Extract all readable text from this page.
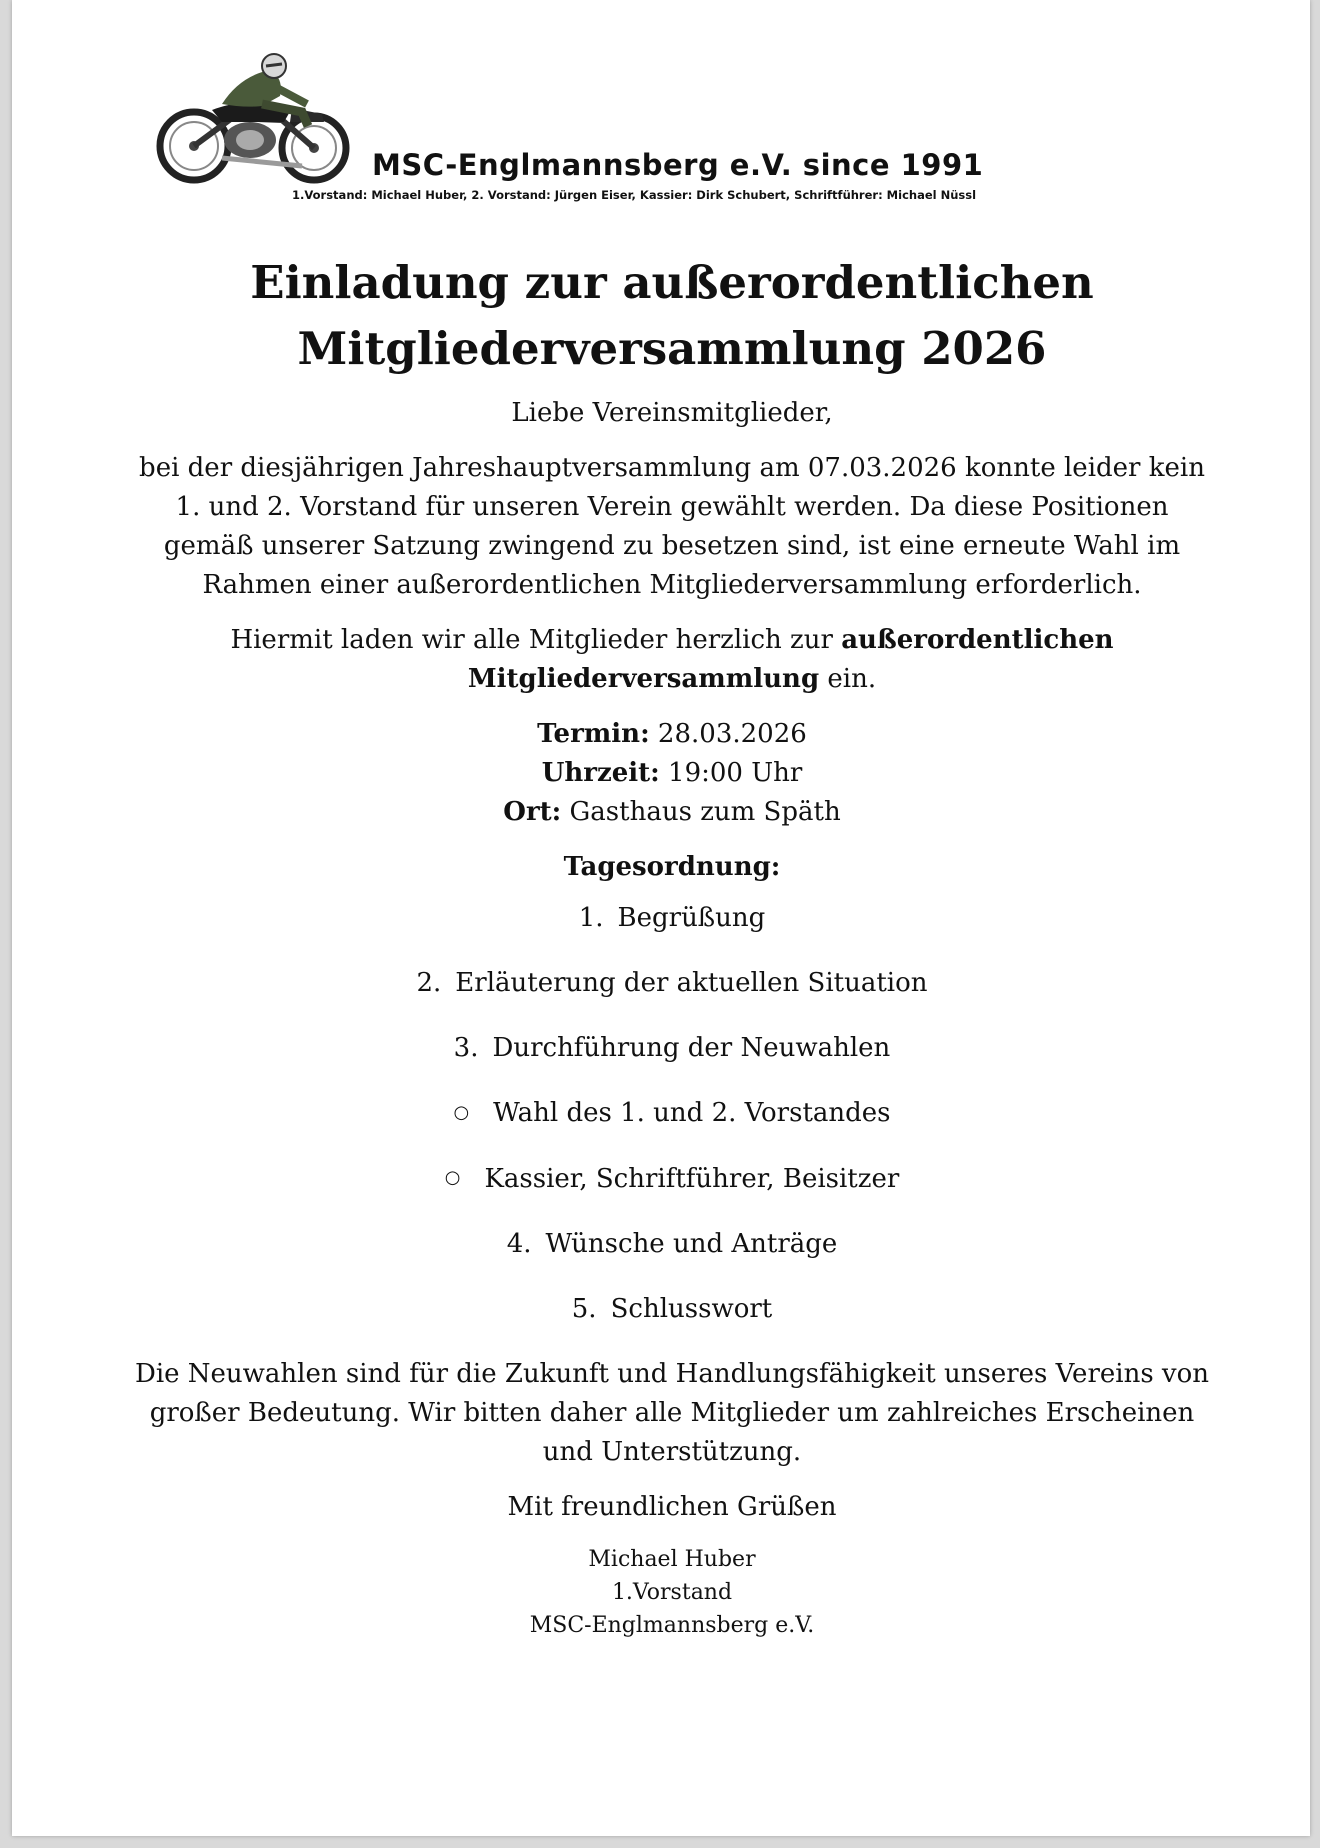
MSC-Englmannsberg e.V. since 1991
1.Vorstand: Michael Huber, 2. Vorstand: Jürgen Eiser, Kassier: Dirk Schubert, Schriftführer: Michael Nüssl
Einladung zur außerordentlichen
Mitgliederversammlung 2026

Liebe Vereinsmitglieder,

bei der diesjährigen Jahreshauptversammlung am 07.03.2026 konnte leider kein 1. und 2. Vorstand für unseren Verein gewählt werden. Da diese Positionen gemäß unserer Satzung zwingend zu besetzen sind, ist eine erneute Wahl im Rahmen einer außerordentlichen Mitgliederversammlung erforderlich.

Hiermit laden wir alle Mitglieder herzlich zur außerordentlichen Mitgliederversammlung ein.

Termin: 28.03.2026
Uhrzeit: 19:00 Uhr
Ort: Gasthaus zum Späth
Tagesordnung:
1. Begrüßung
2. Erläuterung der aktuellen Situation
3. Durchführung der Neuwahlen
○ Wahl des 1. und 2. Vorstandes
○ Kassier, Schriftführer, Beisitzer
4. Wünsche und Anträge
5. Schlusswort

Die Neuwahlen sind für die Zukunft und Handlungsfähigkeit unseres Vereins von großer Bedeutung. Wir bitten daher alle Mitglieder um zahlreiches Erscheinen und Unterstützung.

Mit freundlichen Grüßen

Michael Huber
1.Vorstand
MSC-Englmannsberg e.V.
